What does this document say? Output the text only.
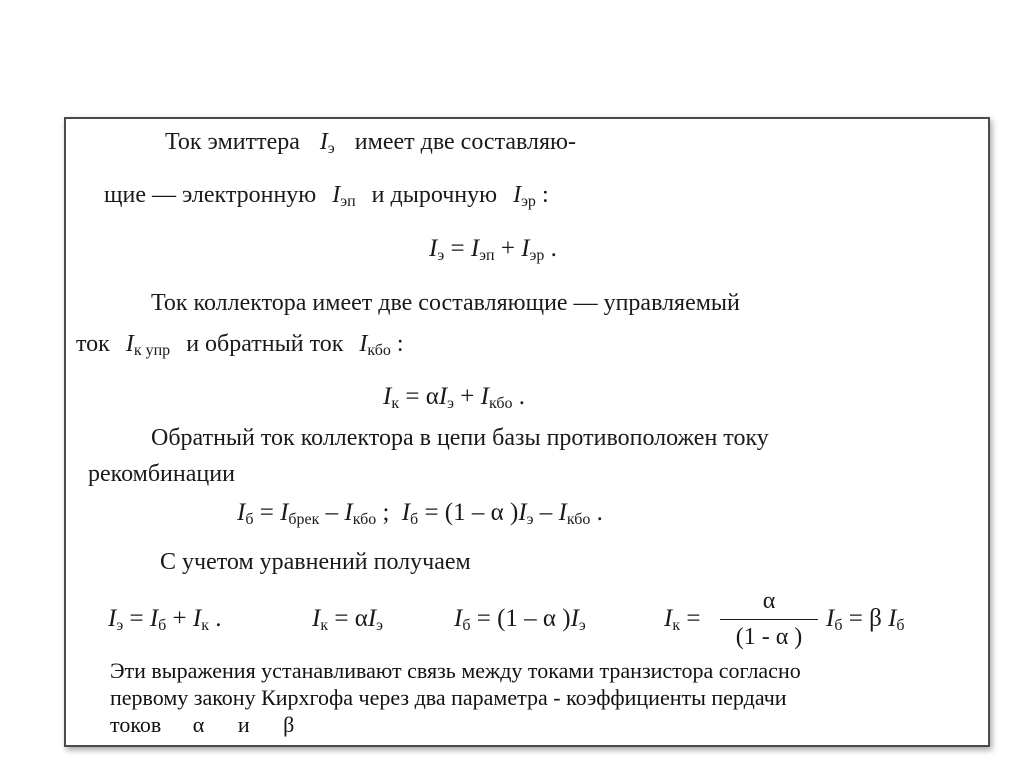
Ток эмиттера $I_э$ имеет две составляю-
щие — электронную $I_{эп}$ и дырочную $I_{эр}$ :
$I_э = I_{эп} + I_{эр}$ .
Ток коллектора имеет две составляющие — управляемый
ток $I_{к упр}$ и обратный ток $I_{кбо}$ :
$I_к = \alpha I_э + I_{кбо}$ .
Обратный ток коллектора в цепи базы противоположен току
рекомбинации
$I_б = I_{брек} - I_{кбо}$ ; $I_б = (1 - \alpha$ )$I_э - I_{кбо}$ .
С учетом уравнений получаем
$I_э = I_б + I_к$ .	$I_к = \alpha I_э$	$I_б = (1 - \alpha$ )$I_э$	$I_к = \frac{\alpha}{(1 - \alpha )} I_б = \beta$ $I_б$
Эти выражения устанавливают связь между токами транзистора согласно
первому закону Кирхгофа через два параметра - коэффициенты пердачи
токов α и β
